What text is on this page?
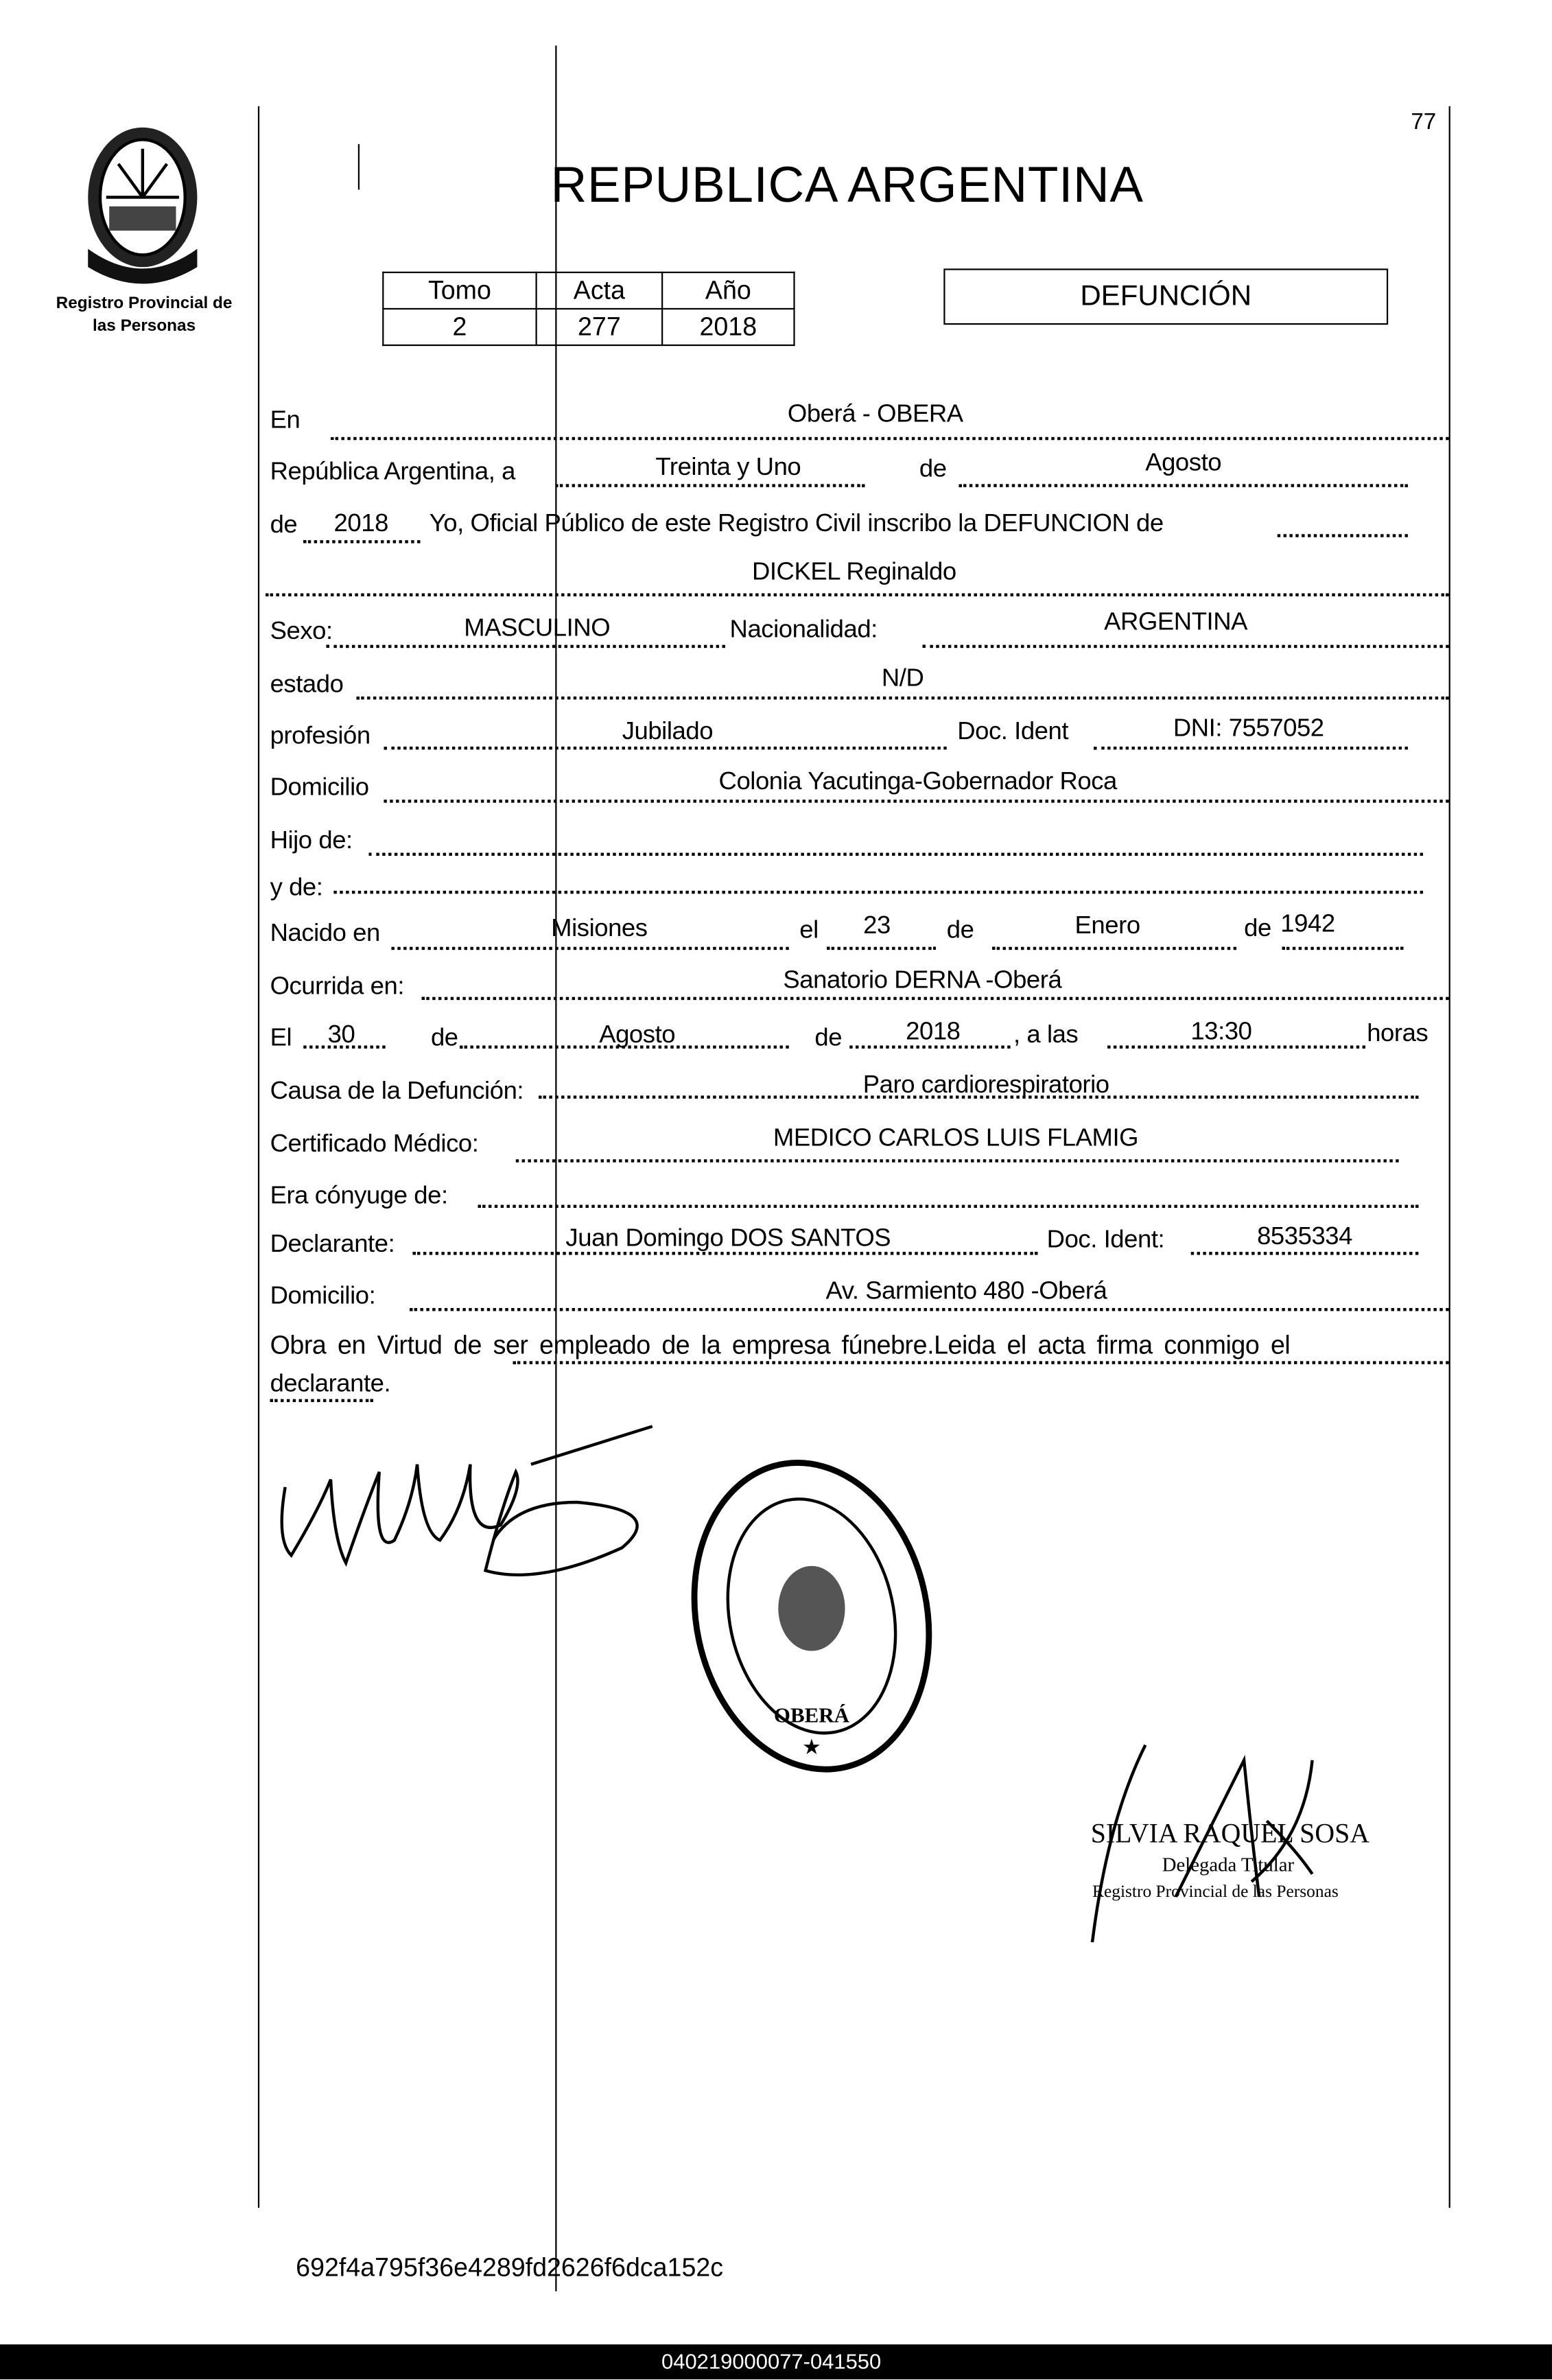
Registro Provincial de
las Personas
77
REPUBLICA ARGENTINA
Tomo	Acta	Año
2	277	2018
DEFUNCIÓN
En	Oberá - OBERA
República Argentina, a	Treinta y Uno	de	Agosto
de	2018	Yo, Oficial Público de este Registro Civil inscribo la DEFUNCION de
DICKEL Reginaldo
Sexo:	MASCULINO	Nacionalidad:	ARGENTINA
estado	N/D
profesión	Jubilado	Doc. Ident	DNI: 7557052
Domicilio	Colonia Yacutinga-Gobernador Roca
Hijo de:
y de:
Nacido en	Misiones	el	23	de	Enero	de 1942
Ocurrida en:	Sanatorio DERNA -Oberá
El	30	de	Agosto	de	2018	, a las	13:30	horas
Causa de la Defunción:	Paro cardiorespiratorio
Certificado Médico:	MEDICO CARLOS LUIS FLAMIG
Era cónyuge de:
Declarante:	Juan Domingo DOS SANTOS	Doc. Ident:	8535334
Domicilio:	Av. Sarmiento 480 -Oberá
Obra en Virtud de ser empleado de la empresa fúnebre.Leida el acta firma conmigo el
declarante.
OBERÁ
★
SILVIA RAQUEL SOSA
Delegada Titular
Registro Provincial de las Personas
692f4a795f36e4289fd2626f6dca152c
040219000077-041550
